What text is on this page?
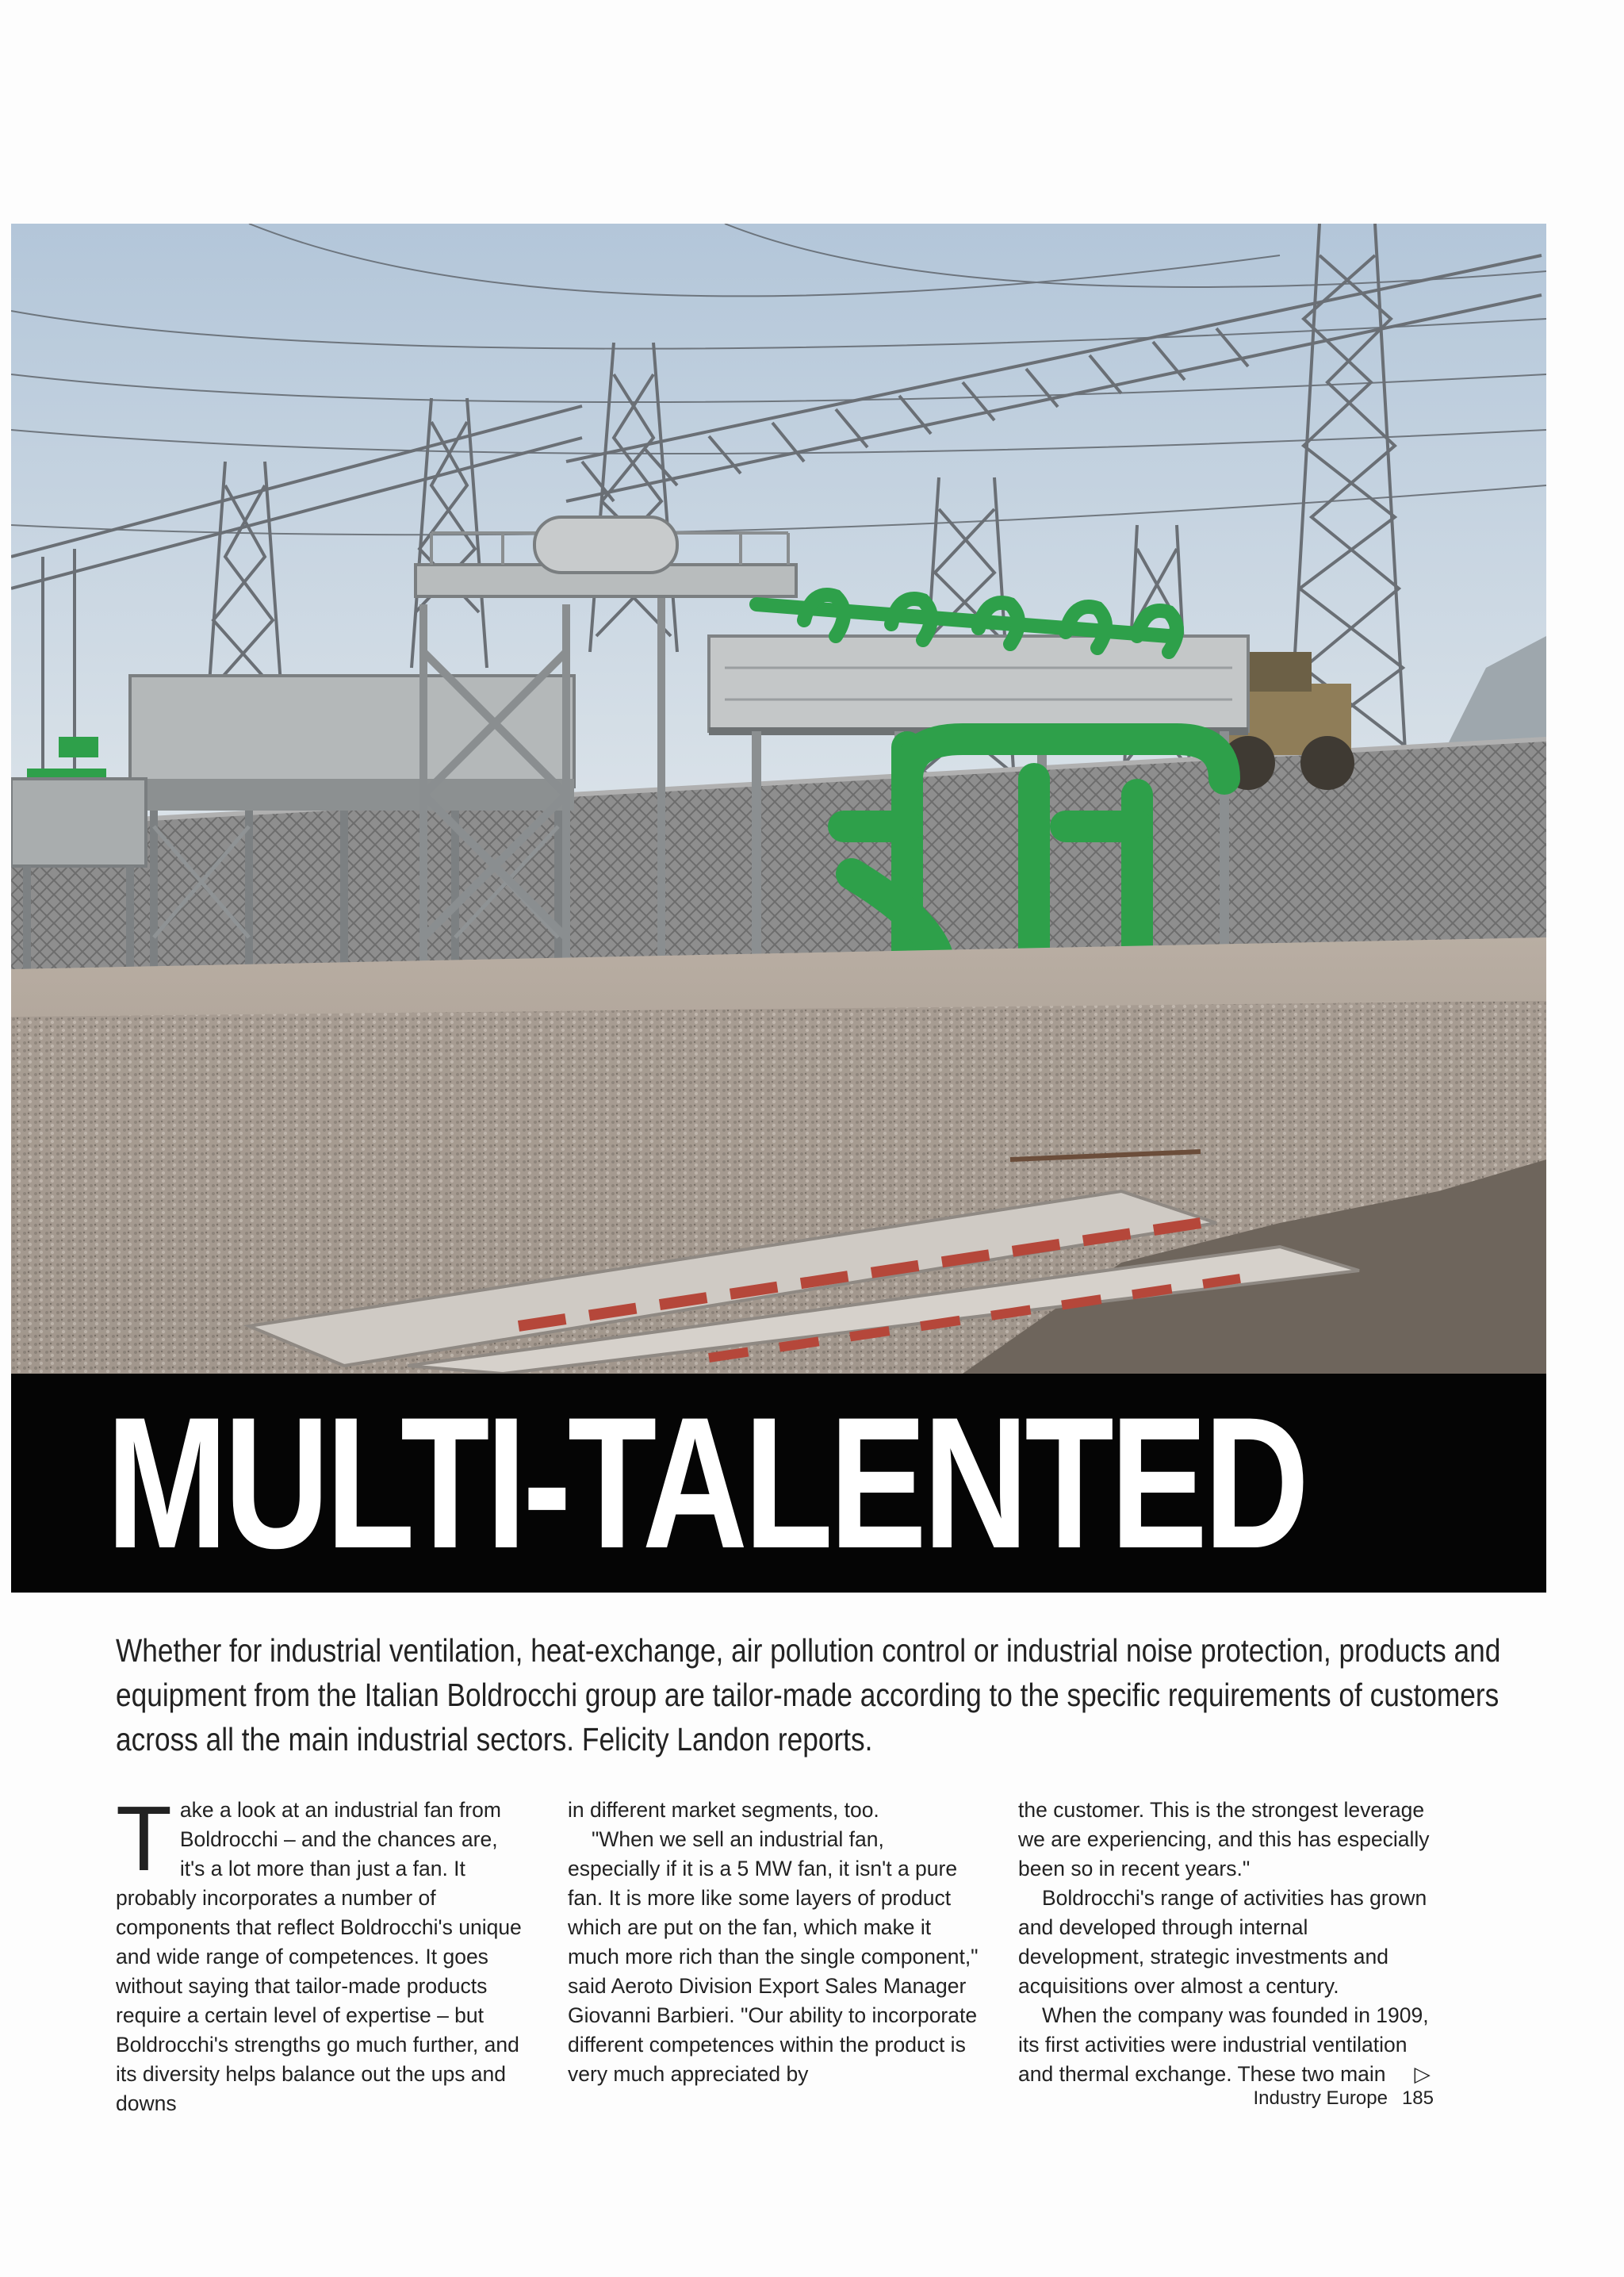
MULTI-TALENTED

Whether for industrial ventilation, heat-exchange, air pollution control or industrial noise protection, products and equipment from the Italian Boldrocchi group are tailor-made according to the specific requirements of customers across all the main industrial sectors. Felicity Landon reports.

Take a look at an industrial fan from Boldrocchi – and the chances are, it's a lot more than just a fan. It probably incorporates a number of components that reflect Boldrocchi's unique and wide range of competences. It goes without saying that tailor-made products require a certain level of expertise – but Boldrocchi's strengths go much further, and its diversity helps balance out the ups and downs

in different market segments, too.

"When we sell an industrial fan, especially if it is a 5 MW fan, it isn't a pure fan. It is more like some layers of product which are put on the fan, which make it much more rich than the single component," said Aeroto Division Export Sales Manager Giovanni Barbieri. "Our ability to incorporate different competences within the product is very much appreciated by

the customer. This is the strongest leverage we are experiencing, and this has especially been so in recent years."

Boldrocchi's range of activities has grown and developed through internal development, strategic investments and acquisitions over almost a century.

When the company was founded in 1909, its first activities were industrial ventilation and thermal exchange. These two main ▷

Industry Europe 185
